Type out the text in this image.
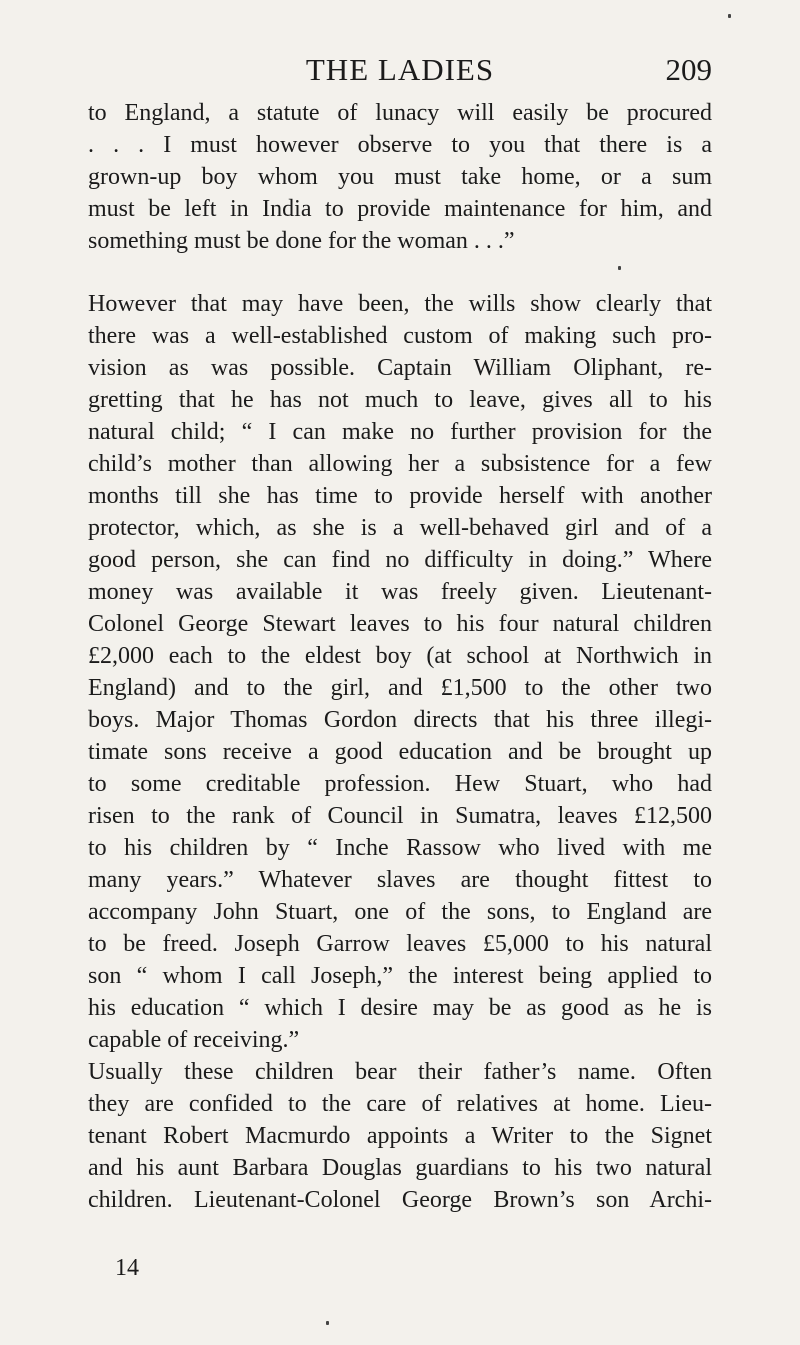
THE LADIES	209
to England, a statute of lunacy will easily be procured
. . . I must however observe to you that there is a
grown-up boy whom you must take home, or a sum
must be left in India to provide maintenance for him, and
something must be done for the woman . . .”
However that may have been, the wills show clearly that
there was a well-established custom of making such pro-
vision as was possible. Captain William Oliphant, re-
gretting that he has not much to leave, gives all to his
natural child; “ I can make no further provision for the
child’s mother than allowing her a subsistence for a few
months till she has time to provide herself with another
protector, which, as she is a well-behaved girl and of a
good person, she can find no difficulty in doing.” Where
money was available it was freely given. Lieutenant-
Colonel George Stewart leaves to his four natural children
£2,000 each to the eldest boy (at school at Northwich in
England) and to the girl, and £1,500 to the other two
boys. Major Thomas Gordon directs that his three illegi-
timate sons receive a good education and be brought up
to some creditable profession. Hew Stuart, who had
risen to the rank of Council in Sumatra, leaves £12,500
to his children by “ Inche Rassow who lived with me
many years.” Whatever slaves are thought fittest to
accompany John Stuart, one of the sons, to England are
to be freed. Joseph Garrow leaves £5,000 to his natural
son “ whom I call Joseph,” the interest being applied to
his education “ which I desire may be as good as he is
capable of receiving.”
Usually these children bear their father’s name. Often
they are confided to the care of relatives at home. Lieu-
tenant Robert Macmurdo appoints a Writer to the Signet
and his aunt Barbara Douglas guardians to his two natural
children. Lieutenant-Colonel George Brown’s son Archi-
14
